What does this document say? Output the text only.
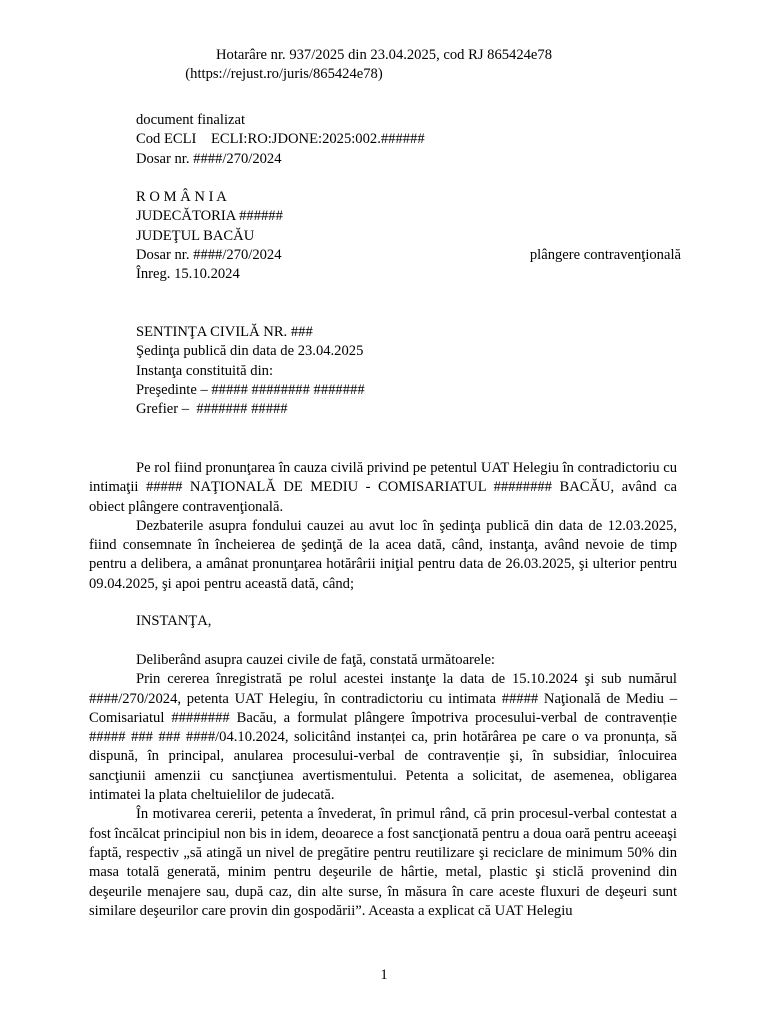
Hotarâre nr. 937/2025 din 23.04.2025, cod RJ 865424e78
(https://rejust.ro/juris/865424e78)
document finalizat
Cod ECLI    ECLI:RO:JDONE:2025:002.######
Dosar nr. ####/270/2024
R O M Â N I A
JUDECĂTORIA ######
JUDEŢUL BACĂU
Dosar nr. ####/270/2024	plângere contravenţională
Înreg. 15.10.2024
SENTINŢA CIVILĂ NR. ###
Şedinţa publică din data de 23.04.2025
Instanţa constituită din:
Preşedinte – ##### ######## #######
Grefier –  ####### #####

Pe rol fiind pronunţarea în cauza civilă privind pe petentul UAT Helegiu în contradictoriu cu intimaţii ##### NAŢIONALĂ DE MEDIU - COMISARIATUL ######## BACĂU, având ca obiect plângere contravenţională.

Dezbaterile asupra fondului cauzei au avut loc în şedinţa publică din data de 12.03.2025, fiind consemnate în încheierea de şedinţă de la acea dată, când, instanţa, având nevoie de timp pentru a delibera, a amânat pronunţarea hotărârii iniţial pentru data de 26.03.2025, şi ulterior pentru 09.04.2025, şi apoi pentru această dată, când;

INSTANŢA,

Deliberând asupra cauzei civile de faţă, constată următoarele:

Prin cererea înregistrată pe rolul acestei instanţe la data de 15.10.2024 şi sub numărul ####/270/2024, petenta UAT Helegiu, în contradictoriu cu intimata ##### Naţională de Mediu – Comisariatul ######## Bacău, a formulat plângere împotriva procesului-verbal de contravenție ##### ### ### ####/04.10.2024, solicitând instanței ca, prin hotărârea pe care o va pronunța, să dispună, în principal, anularea procesului-verbal de contravenție şi, în subsidiar, înlocuirea sancţiunii amenzii cu sancţiunea avertismentului. Petenta a solicitat, de asemenea, obligarea intimatei la plata cheltuielilor de judecată.

În motivarea cererii, petenta a învederat, în primul rând, că prin procesul-verbal contestat a fost încălcat principiul non bis in idem, deoarece a fost sancţionată pentru a doua oară pentru aceeaşi faptă, respectiv „să atingă un nivel de pregătire pentru reutilizare şi reciclare de minimum 50% din masa totală generată, minim pentru deşeurile de hârtie, metal, plastic şi sticlă provenind din deşeurile menajere sau, după caz, din alte surse, în măsura în care aceste fluxuri de deşeuri sunt similare deşeurilor care provin din gospodării”. Aceasta a explicat că UAT Helegiu

1
